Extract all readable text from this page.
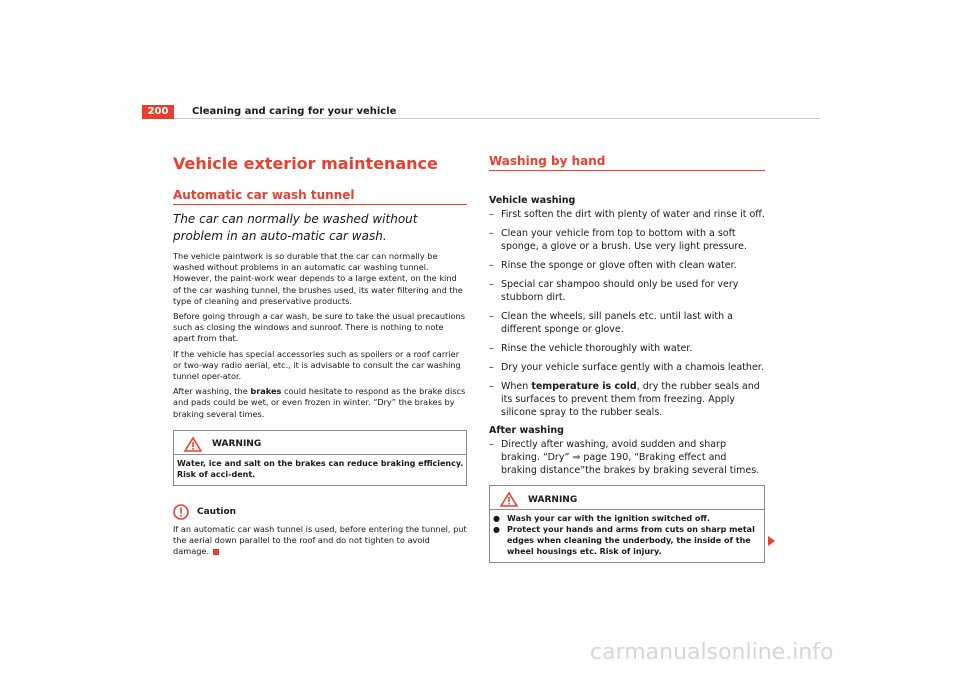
200	Cleaning and caring for your vehicle
Vehicle exterior maintenance
Automatic car wash tunnel
The car can normally be washed without problem in an auto-matic car wash.

The vehicle paintwork is so durable that the car can normally be washed without problems in an automatic car washing tunnel. However, the paint-work wear depends to a large extent, on the kind of the car washing tunnel, the brushes used, its water filtering and the type of cleaning and preservative products.

Before going through a car wash, be sure to take the usual precautions such as closing the windows and sunroof. There is nothing to note apart from that.

If the vehicle has special accessories such as spoilers or a roof carrier or two-way radio aerial, etc., it is advisable to consult the car washing tunnel oper-ator.

After washing, the brakes could hesitate to respond as the brake discs and pads could be wet, or even frozen in winter. “Dry” the brakes by braking several times.

WARNING
Water, ice and salt on the brakes can reduce braking efficiency. Risk of acci-dent.
Caution

If an automatic car wash tunnel is used, before entering the tunnel, put the aerial down parallel to the roof and do not tighten to avoid damage.

Washing by hand
Vehicle washing
– First soften the dirt with plenty of water and rinse it off.
– Clean your vehicle from top to bottom with a soft sponge, a glove or a brush. Use very light pressure.
– Rinse the sponge or glove often with clean water.
– Special car shampoo should only be used for very stubborn dirt.
– Clean the wheels, sill panels etc. until last with a different sponge or glove.
– Rinse the vehicle thoroughly with water.
– Dry your vehicle surface gently with a chamois leather.
– When temperature is cold, dry the rubber seals and its surfaces to prevent them from freezing. Apply silicone spray to the rubber seals.
After washing
– Directly after washing, avoid sudden and sharp braking. “Dry” ⇒ page 190, “Braking effect and braking distance”the brakes by braking several times.
WARNING
● Wash your car with the ignition switched off.
● Protect your hands and arms from cuts on sharp metal edges when cleaning the underbody, the inside of the wheel housings etc. Risk of injury.
carmanualsonline.info
